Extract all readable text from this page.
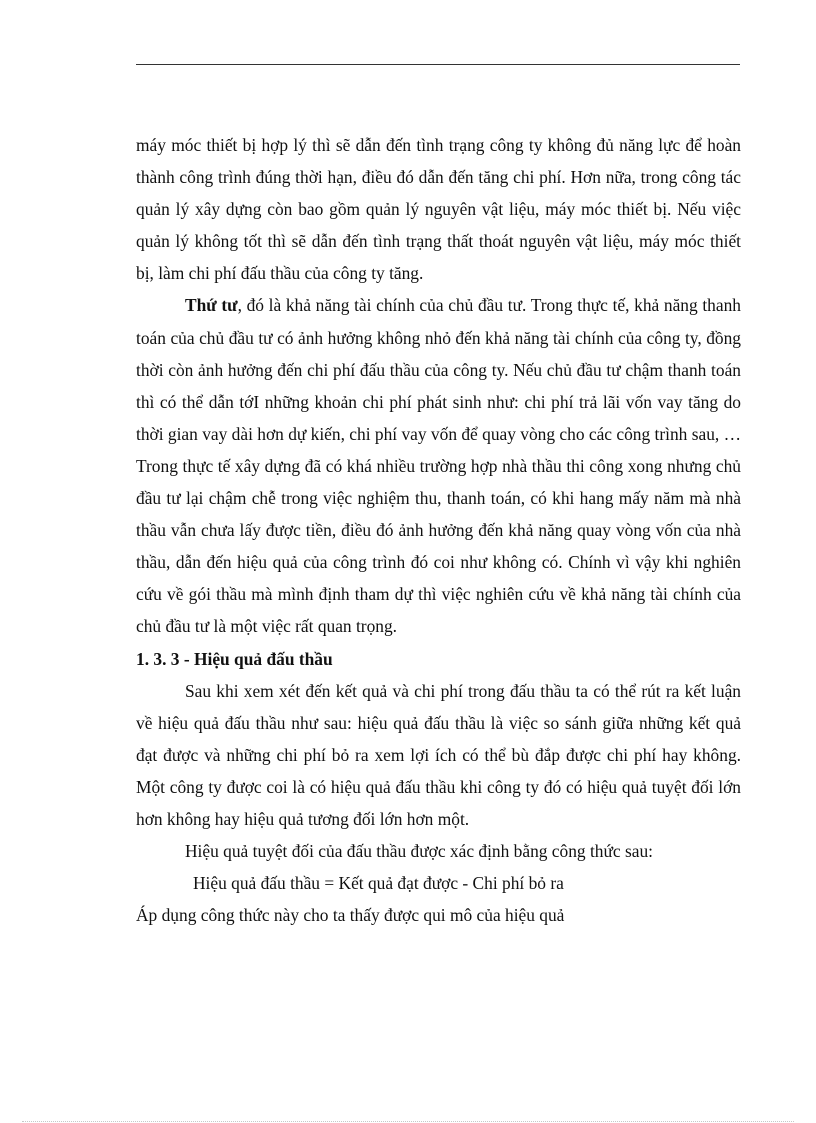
máy móc thiết bị hợp lý thì sẽ dẫn đến tình trạng công ty không đủ năng lực để hoàn thành công trình đúng thời hạn, điều đó dẫn đến tăng chi phí. Hơn nữa, trong công tác quản lý xây dựng còn bao gồm quản lý nguyên vật liệu, máy móc thiết bị. Nếu việc quản lý không tốt thì sẽ dẫn đến tình trạng thất thoát nguyên vật liệu, máy móc thiết bị, làm chi phí đấu thầu của công ty tăng.

Thứ tư, đó là khả năng tài chính của chủ đầu tư. Trong thực tế, khả năng thanh toán của chủ đầu tư có ảnh hưởng không nhỏ đến khả năng tài chính của công ty, đồng thời còn ảnh hưởng đến chi phí đấu thầu của công ty. Nếu chủ đầu tư chậm thanh toán thì có thể dẫn tớI những khoản chi phí phát sinh như: chi phí trả lãi vốn vay tăng do thời gian vay dài hơn dự kiến, chi phí vay vốn để quay vòng cho các công trình sau, …Trong thực tế xây dựng đã có khá nhiều trường hợp nhà thầu thi công xong nhưng chủ đầu tư lại chậm chễ trong việc nghiệm thu, thanh toán, có khi hang mấy năm mà nhà thầu vẫn chưa lấy được tiền, điều đó ảnh hưởng đến khả năng quay vòng vốn của nhà thầu, dẫn đến hiệu quả của công trình đó coi như không có. Chính vì vậy khi nghiên cứu về gói thầu mà mình định tham dự thì việc nghiên cứu về khả năng tài chính của chủ đầu tư là một việc rất quan trọng.

1. 3. 3 - Hiệu quả đấu thầu

Sau khi xem xét đến kết quả và chi phí trong đấu thầu ta có thể rút ra kết luận về hiệu quả đấu thầu như sau: hiệu quả đấu thầu là việc so sánh giữa những kết quả đạt được và những chi phí bỏ ra xem lợi ích có thể bù đắp được chi phí hay không. Một công ty được coi là có hiệu quả đấu thầu khi công ty đó có hiệu quả tuyệt đối lớn hơn không hay hiệu quả tương đối lớn hơn một.

Hiệu quả tuyệt đối của đấu thầu được xác định bằng công thức sau:

Hiệu quả đấu thầu = Kết quả đạt được - Chi phí bỏ ra

Áp dụng công thức này cho ta thấy được qui mô của hiệu quả
